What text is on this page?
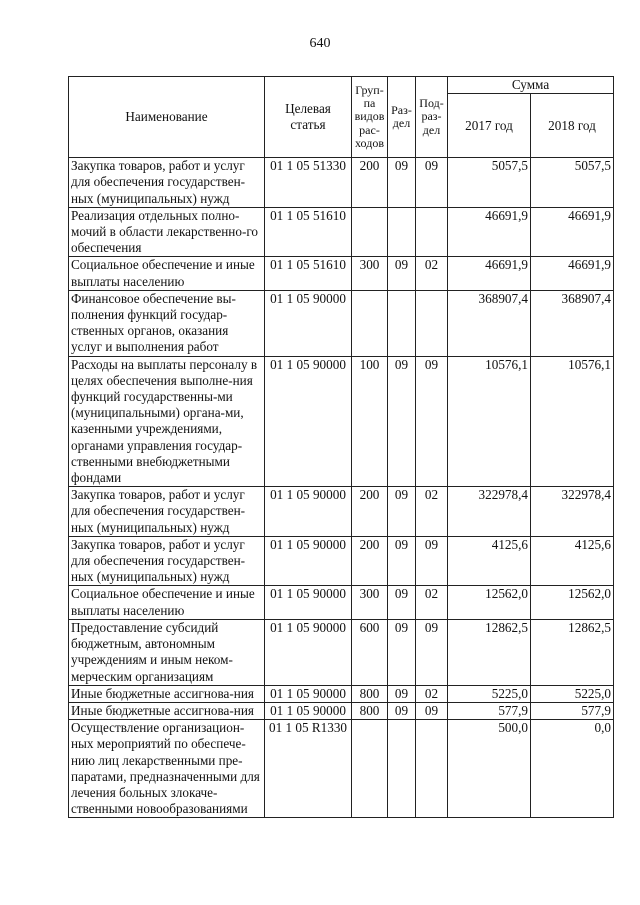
640
Наименование	Целевая статья	Груп-па видов рас-ходов	Раз-дел	Под-раз-дел	Сумма	
					2017 год	2018 год
Закупка товаров, работ и услуг для обеспечения государствен-ных (муниципальных) нужд	01 1 05 51330	200	09	09	5057,5	5057,5
Реализация отдельных полно-мочий в области лекарственно-го обеспечения	01 1 05 51610				46691,9	46691,9
Социальное обеспечение и иные выплаты населению	01 1 05 51610	300	09	02	46691,9	46691,9
Финансовое обеспечение вы-полнения функций государ-ственных органов, оказания услуг и выполнения работ	01 1 05 90000				368907,4	368907,4
Расходы на выплаты персоналу в целях обеспечения выполне-ния функций государственны-ми (муниципальными) органа-ми, казенными учреждениями, органами управления государ-ственными внебюджетными фондами	01 1 05 90000	100	09	09	10576,1	10576,1
Закупка товаров, работ и услуг для обеспечения государствен-ных (муниципальных) нужд	01 1 05 90000	200	09	02	322978,4	322978,4
Закупка товаров, работ и услуг для обеспечения государствен-ных (муниципальных) нужд	01 1 05 90000	200	09	09	4125,6	4125,6
Социальное обеспечение и иные выплаты населению	01 1 05 90000	300	09	02	12562,0	12562,0
Предоставление субсидий бюджетным, автономным учреждениям и иным неком-мерческим организациям	01 1 05 90000	600	09	09	12862,5	12862,5
Иные бюджетные ассигнова-ния	01 1 05 90000	800	09	02	5225,0	5225,0
Иные бюджетные ассигнова-ния	01 1 05 90000	800	09	09	577,9	577,9
Осуществление организацион-ных мероприятий по обеспече-нию лиц лекарственными пре-паратами, предназначенными для лечения больных злокаче-ственными новообразованиями	01 1 05 R1330				500,0	0,0
